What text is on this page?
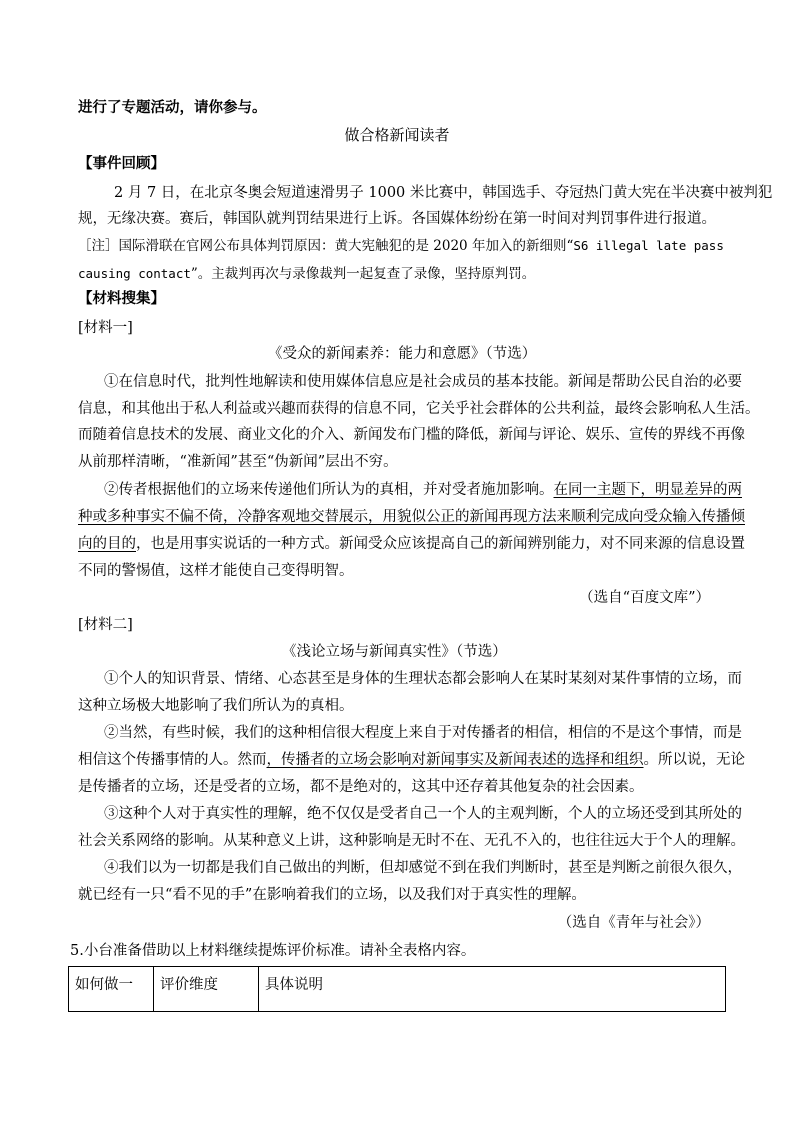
进行了专题活动，请你参与。
做合格新闻读者
【事件回顾】
2 月 7 日，在北京冬奥会短道速滑男子 1000 米比赛中，韩国选手、夺冠热门黄大宪在半决赛中被判犯
规，无缘决赛。赛后，韩国队就判罚结果进行上诉。各国媒体纷纷在第一时间对判罚事件进行报道。
［注］国际滑联在官网公布具体判罚原因：黄大宪触犯的是 2020 年加入的新细则“S6 illegal late pass
causing contact”。主裁判再次与录像裁判一起复查了录像，坚持原判罚。
【材料搜集】
[材料一]
《受众的新闻素养：能力和意愿》（节选）
①在信息时代，批判性地解读和使用媒体信息应是社会成员的基本技能。新闻是帮助公民自治的必要
信息，和其他出于私人利益或兴趣而获得的信息不同，它关乎社会群体的公共利益，最终会影响私人生活。
而随着信息技术的发展、商业文化的介入、新闻发布门槛的降低，新闻与评论、娱乐、宣传的界线不再像
从前那样清晰，“准新闻”甚至“伪新闻”层出不穷。
②传者根据他们的立场来传递他们所认为的真相，并对受者施加影响。在同一主题下，明显差异的两
种或多种事实不偏不倚，冷静客观地交替展示，用貌似公正的新闻再现方法来顺利完成向受众输入传播倾
向的目的，也是用事实说话的一种方式。新闻受众应该提高自己的新闻辨别能力，对不同来源的信息设置
不同的警惕值，这样才能使自己变得明智。
（选自“百度文库”）
[材料二]
《浅论立场与新闻真实性》（节选）
①个人的知识背景、情绪、心态甚至是身体的生理状态都会影响人在某时某刻对某件事情的立场，而
这种立场极大地影响了我们所认为的真相。
②当然，有些时候，我们的这种相信很大程度上来自于对传播者的相信，相信的不是这个事情，而是
相信这个传播事情的人。然而，传播者的立场会影响对新闻事实及新闻表述的选择和组织。所以说，无论
是传播者的立场，还是受者的立场，都不是绝对的，这其中还存着其他复杂的社会因素。
③这种个人对于真实性的理解，绝不仅仅是受者自己一个人的主观判断，个人的立场还受到其所处的
社会关系网络的影响。从某种意义上讲，这种影响是无时不在、无孔不入的，也往往远大于个人的理解。
④我们以为一切都是我们自己做出的判断，但却感觉不到在我们判断时，甚至是判断之前很久很久，
就已经有一只“看不见的手”在影响着我们的立场，以及我们对于真实性的理解。
（选自《青年与社会》）
5.小台准备借助以上材料继续提炼评价标准。请补全表格内容。
如何做一	评价维度	具体说明
